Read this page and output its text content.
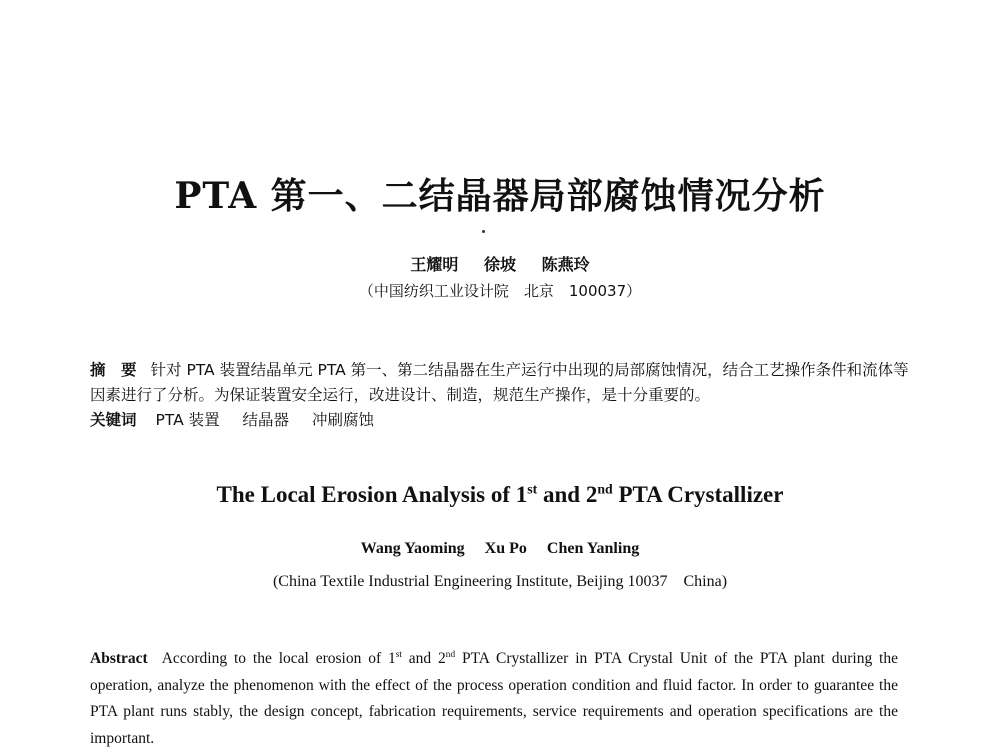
PTA 第一、二结晶器局部腐蚀情况分析
王耀明 徐坡 陈燕玲
（中国纺织工业设计院　北京　100037）
摘　要 针对 PTA 装置结晶单元 PTA 第一、第二结晶器在生产运行中出现的局部腐蚀情况，结合工艺操作条件和流体等因素进行了分析。为保证装置安全运行，改进设计、制造，规范生产操作，是十分重要的。
关键词 PTA 装置 结晶器 冲刷腐蚀
The Local Erosion Analysis of 1st and 2nd PTA Crystallizer
Wang Yaoming Xu Po Chen Yanling
(China Textile Industrial Engineering Institute, Beijing 10037　China)
Abstract According to the local erosion of 1st and 2nd PTA Crystallizer in PTA Crystal Unit of the PTA plant during the operation, analyze the phenomenon with the effect of the process operation condition and fluid factor. In order to guarantee the PTA plant runs stably, the design concept, fabrication requirements, service requirements and operation specifications are the important.
